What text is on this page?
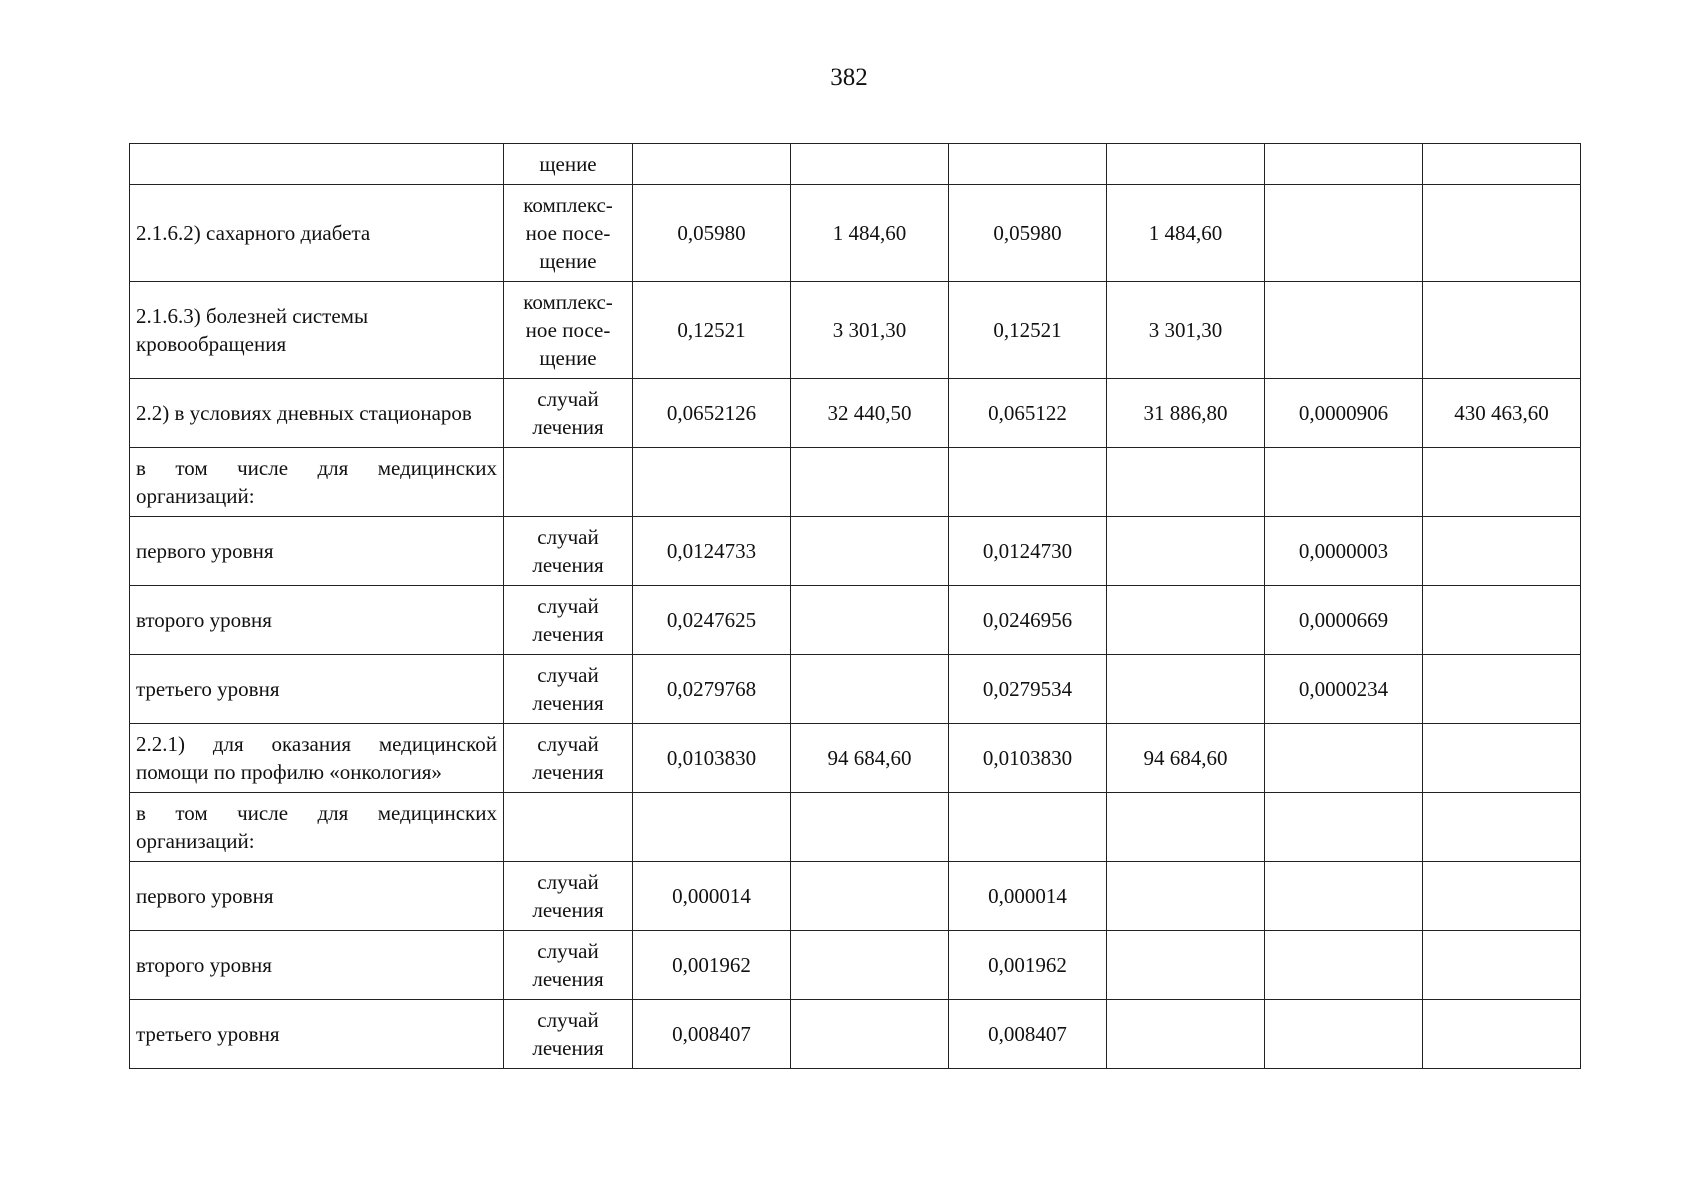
382
	щение						
2.1.6.2) сахарного диабета	комплекс-ное посе-щение	0,05980	1 484,60	0,05980	1 484,60		
2.1.6.3) болезней системы кровообращения	комплекс-ное посе-щение	0,12521	3 301,30	0,12521	3 301,30		
2.2) в условиях дневных стационаров	случай лечения	0,0652126	32 440,50	0,065122	31 886,80	0,0000906	430 463,60
в том числе для медицинских организаций:							
первого уровня	случай лечения	0,0124733		0,0124730		0,0000003	
второго уровня	случай лечения	0,0247625		0,0246956		0,0000669	
третьего уровня	случай лечения	0,0279768		0,0279534		0,0000234	
2.2.1) для оказания медицинской помощи по профилю «онкология»	случай лечения	0,0103830	94 684,60	0,0103830	94 684,60		
в том числе для медицинских организаций:							
первого уровня	случай лечения	0,000014		0,000014			
второго уровня	случай лечения	0,001962		0,001962			
третьего уровня	случай лечения	0,008407		0,008407			
